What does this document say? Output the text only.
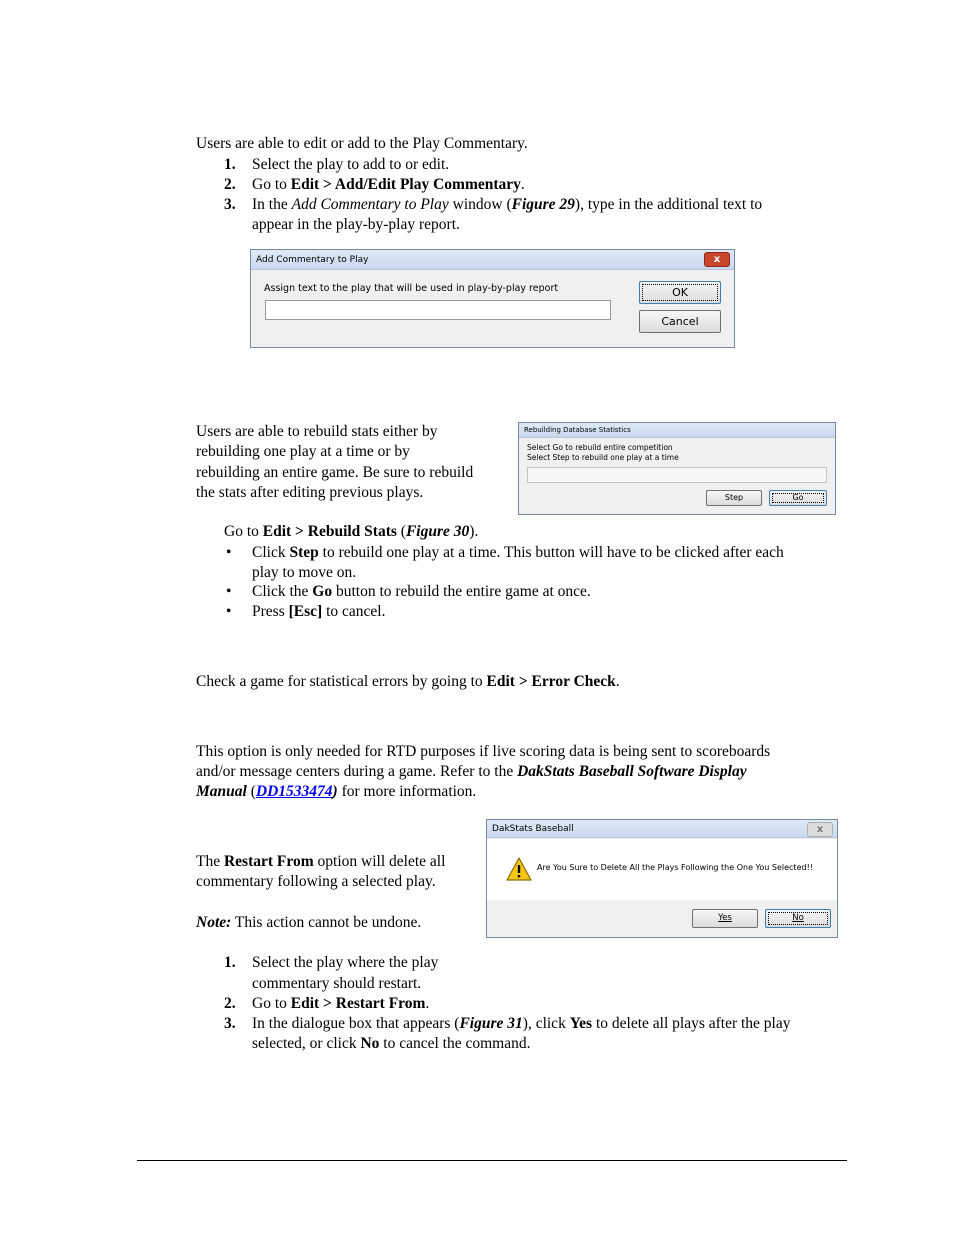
Users are able to edit or add to the Play Commentary.

1. Select the play to add to or edit.
2. Go to Edit > Add/Edit Play Commentary.
3. In the Add Commentary to Play window (Figure 29), type in the additional text to
appear in the play-by-play report.
Add Commentary to Play	x
Assign text to the play that will be used in play-by-play report	OK
Cancel

Users are able to rebuild stats either by

rebuilding one play at a time or by

rebuilding an entire game. Be sure to rebuild

the stats after editing previous plays.

Rebuilding Database Statistics
Select Go to rebuild entire competition
Select Step to rebuild one play at a time
Step	Go

Go to Edit > Rebuild Stats (Figure 30).

• Click Step to rebuild one play at a time. This button will have to be clicked after each
play to move on.
• Click the Go button to rebuild the entire game at once.
• Press [Esc] to cancel.

Check a game for statistical errors by going to Edit > Error Check.

This option is only needed for RTD purposes if live scoring data is being sent to scoreboards

and/or message centers during a game. Refer to the DakStats Baseball Software Display

Manual (DD1533474) for more information.

The Restart From option will delete all

commentary following a selected play.

Note: This action cannot be undone.

DakStats Baseball	x
Are You Sure to Delete All the Plays Following the One You Selected!!
Yes	No
1. Select the play where the play
commentary should restart.
2. Go to Edit > Restart From.
3. In the dialogue box that appears (Figure 31), click Yes to delete all plays after the play
selected, or click No to cancel the command.
